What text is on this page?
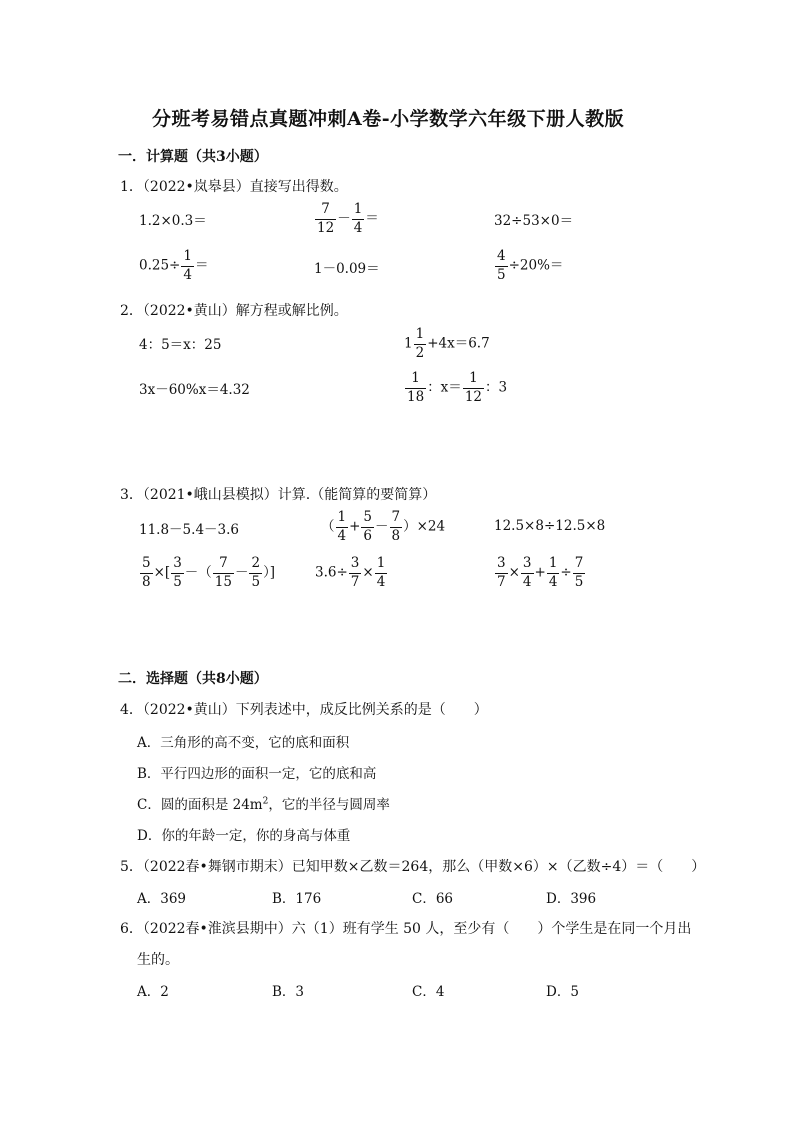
分班考易错点真题冲刺A卷-小学数学六年级下册人教版
一．计算题（共3小题）
1．（2022•岚皋县）直接写出得数。
1.2×0.3＝	$\frac{7}{12} - \frac{1}{4}$ ＝	32÷53×0＝
$0.25\div \frac{1}{4}$ ＝	1－0.09＝	$\frac{4}{5} \div 20\%=$
2．（2022•黄山）解方程或解比例。
4：5＝x：25	$1 \frac{1}{2} +4x=6.7$
3x－60%x＝4.32	$\frac{1}{18}$ ：$x= \frac{1}{12}$ ：3
3．（2021•峨山县模拟）计算.（能简算的要简算）
11.8－5.4－3.6	（ $\frac{1}{4} + \frac{5}{6} - \frac{7}{8} )\times 24$	12.5×8÷12.5×8
$\frac{5}{8}$ ×[ $\frac{3}{5}$ －（ $\frac{7}{15} - \frac{2}{5}$ ）]	$3.6\div \frac{3}{7} \times \frac{1}{4}$	$\frac{3}{7} \times \frac{3}{4} + \frac{1}{4} \div \frac{7}{5}$
二．选择题（共8小题）
4．（2022•黄山）下列表述中，成反比例关系的是（　　）
A．三角形的高不变，它的底和面积
B．平行四边形的面积一定，它的底和高
C．圆的面积是 $24m^2$，它的半径与圆周率
D．你的年龄一定，你的身高与体重
5．（2022春•舞钢市期末）已知甲数×乙数＝264，那么（甲数×6）×（乙数÷4）＝（　　）
A．369	B．176	C．66	D．396
6．（2022春•淮滨县期中）六（1）班有学生 50 人，至少有（　　）个学生是在同一个月出
生的。
A．2	B．3	C．4	D．5
